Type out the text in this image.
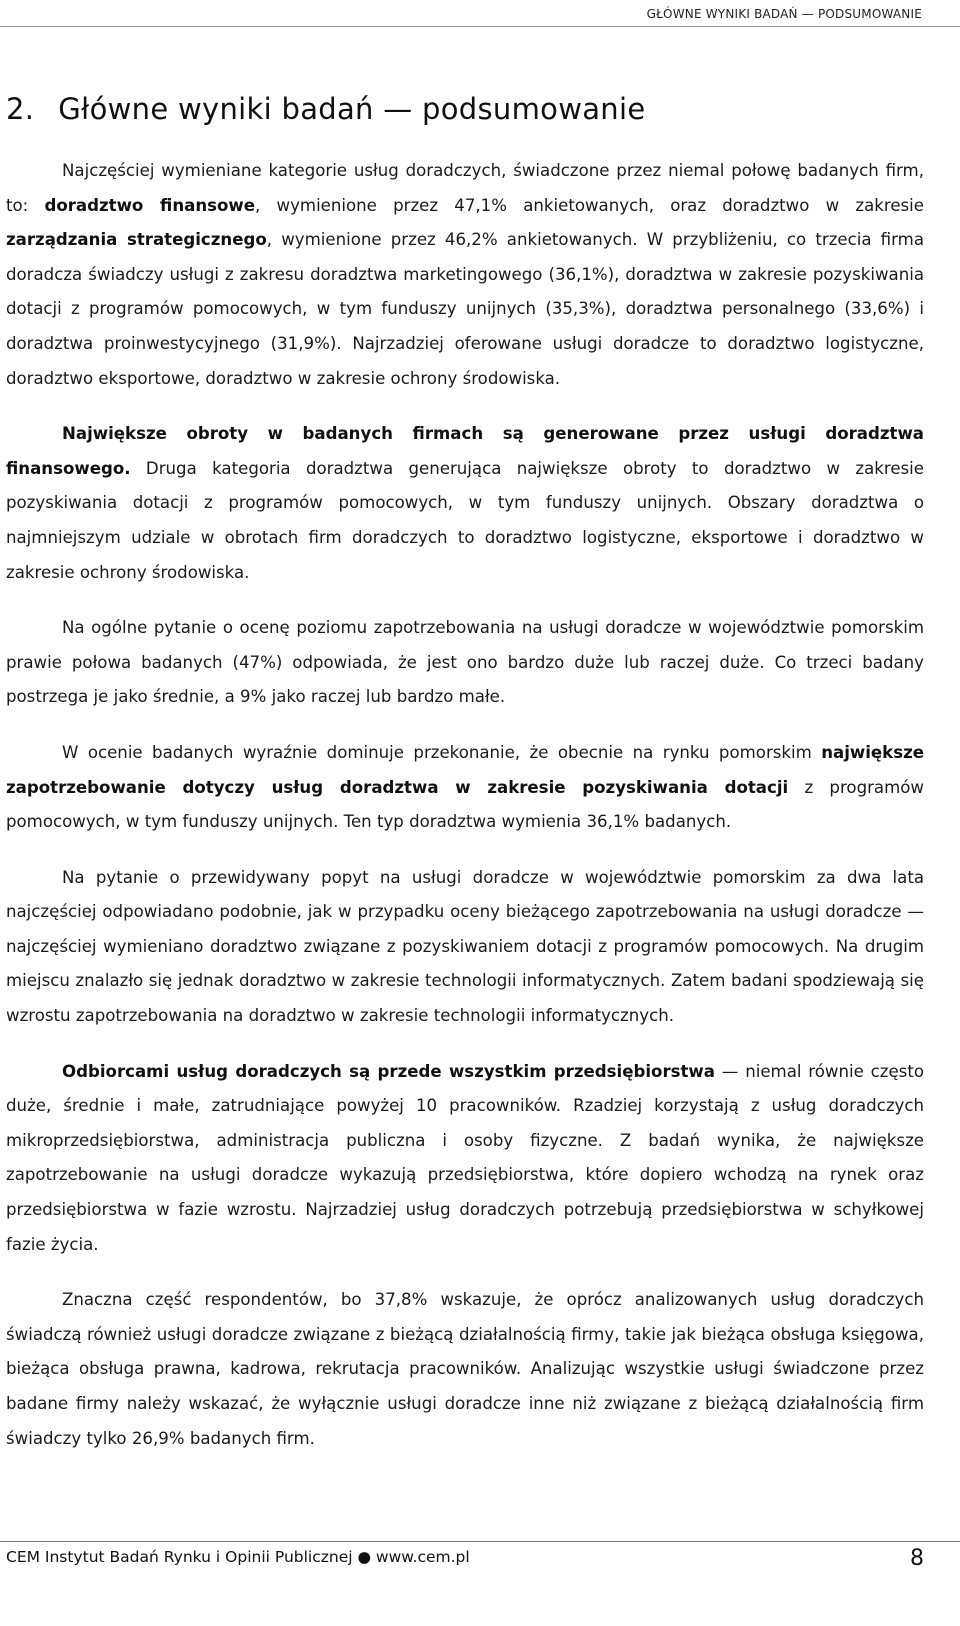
GŁÓWNE WYNIKI BADAŃ — PODSUMOWANIE
2. Główne wyniki badań — podsumowanie

Najczęściej wymieniane kategorie usług doradczych, świadczone przez niemal połowę badanych firm, to: doradztwo finansowe, wymienione przez 47,1% ankietowanych, oraz doradztwo w zakresie zarządzania strategicznego, wymienione przez 46,2% ankietowanych. W przybliżeniu, co trzecia firma doradcza świadczy usługi z zakresu doradztwa marketingowego (36,1%), doradztwa w zakresie pozyskiwania dotacji z programów pomocowych, w tym funduszy unijnych (35,3%), doradztwa personalnego (33,6%) i doradztwa proinwestycyjnego (31,9%). Najrzadziej oferowane usługi doradcze to doradztwo logistyczne, doradztwo eksportowe, doradztwo w zakresie ochrony środowiska.

Największe obroty w badanych firmach są generowane przez usługi doradztwa finansowego. Druga kategoria doradztwa generująca największe obroty to doradztwo w zakresie pozyskiwania dotacji z programów pomocowych, w tym funduszy unijnych. Obszary doradztwa o najmniejszym udziale w obrotach firm doradczych to doradztwo logistyczne, eksportowe i doradztwo w zakresie ochrony środowiska.

Na ogólne pytanie o ocenę poziomu zapotrzebowania na usługi doradcze w województwie pomorskim prawie połowa badanych (47%) odpowiada, że jest ono bardzo duże lub raczej duże. Co trzeci badany postrzega je jako średnie, a 9% jako raczej lub bardzo małe.

W ocenie badanych wyraźnie dominuje przekonanie, że obecnie na rynku pomorskim największe zapotrzebowanie dotyczy usług doradztwa w zakresie pozyskiwania dotacji z programów pomocowych, w tym funduszy unijnych. Ten typ doradztwa wymienia 36,1% badanych.

Na pytanie o przewidywany popyt na usługi doradcze w województwie pomorskim za dwa lata najczęściej odpowiadano podobnie, jak w przypadku oceny bieżącego zapotrzebowania na usługi doradcze — najczęściej wymieniano doradztwo związane z pozyskiwaniem dotacji z programów pomocowych. Na drugim miejscu znalazło się jednak doradztwo w zakresie technologii informatycznych. Zatem badani spodziewają się wzrostu zapotrzebowania na doradztwo w zakresie technologii informatycznych.

Odbiorcami usług doradczych są przede wszystkim przedsiębiorstwa — niemal równie często duże, średnie i małe, zatrudniające powyżej 10 pracowników. Rzadziej korzystają z usług doradczych mikroprzedsiębiorstwa, administracja publiczna i osoby fizyczne. Z badań wynika, że największe zapotrzebowanie na usługi doradcze wykazują przedsiębiorstwa, które dopiero wchodzą na rynek oraz przedsiębiorstwa w fazie wzrostu. Najrzadziej usług doradczych potrzebują przedsiębiorstwa w schyłkowej fazie życia.

Znaczna część respondentów, bo 37,8% wskazuje, że oprócz analizowanych usług doradczych świadczą również usługi doradcze związane z bieżącą działalnością firmy, takie jak bieżąca obsługa księgowa, bieżąca obsługa prawna, kadrowa, rekrutacja pracowników. Analizując wszystkie usługi świadczone przez badane firmy należy wskazać, że wyłącznie usługi doradcze inne niż związane z bieżącą działalnością firm świadczy tylko 26,9% badanych firm.

CEM Instytut Badań Rynku i Opinii Publicznej ● www.cem.pl	8
